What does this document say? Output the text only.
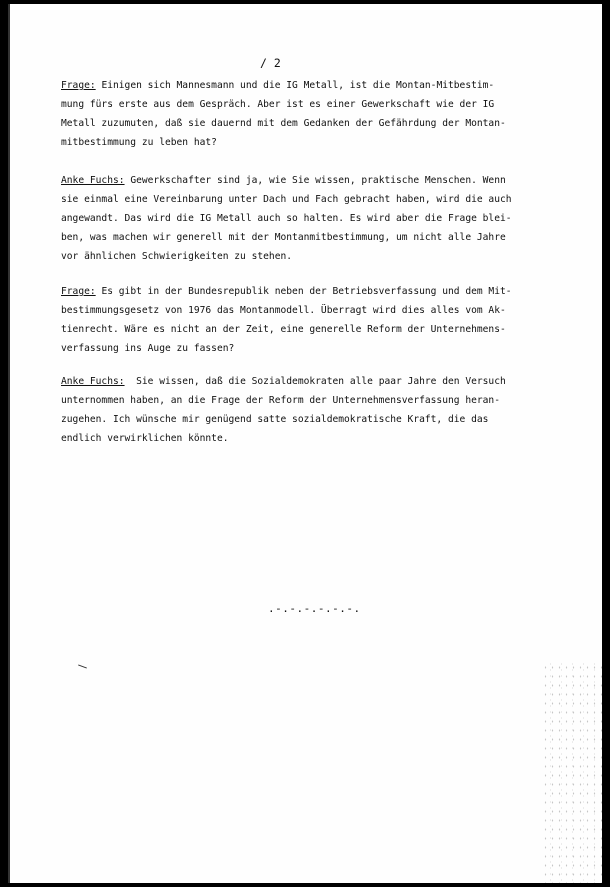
/ 2
Frage: Einigen sich Mannesmann und die IG Metall, ist die Montan-Mitbestim-
mung fürs erste aus dem Gespräch. Aber ist es einer Gewerkschaft wie der IG
Metall zuzumuten, daß sie dauernd mit dem Gedanken der Gefährdung der Montan-
mitbestimmung zu leben hat?
Anke Fuchs: Gewerkschafter sind ja, wie Sie wissen, praktische Menschen. Wenn
sie einmal eine Vereinbarung unter Dach und Fach gebracht haben, wird die auch
angewandt. Das wird die IG Metall auch so halten. Es wird aber die Frage blei-
ben, was machen wir generell mit der Montanmitbestimmung, um nicht alle Jahre
vor ähnlichen Schwierigkeiten zu stehen.
Frage: Es gibt in der Bundesrepublik neben der Betriebsverfassung und dem Mit-
bestimmungsgesetz von 1976 das Montanmodell. Überragt wird dies alles vom Ak-
tienrecht. Wäre es nicht an der Zeit, eine generelle Reform der Unternehmens-
verfassung ins Auge zu fassen?
Anke Fuchs:  Sie wissen, daß die Sozialdemokraten alle paar Jahre den Versuch
unternommen haben, an die Frage der Reform der Unternehmensverfassung heran-
zugehen. Ich wünsche mir genügend satte sozialdemokratische Kraft, die das
endlich verwirklichen könnte.
.-.-.-.-.-.-.
